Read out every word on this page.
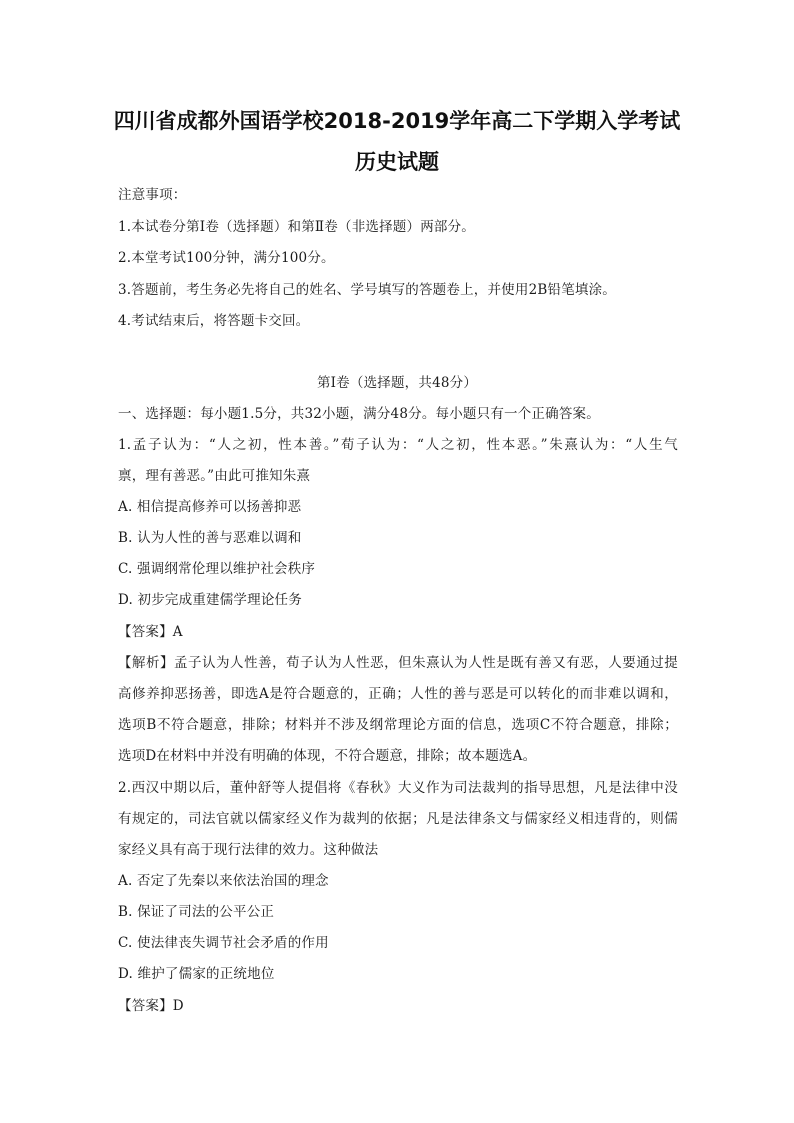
四川省成都外国语学校2018-2019学年高二下学期入学考试
历史试题
注意事项：
1.本试卷分第Ⅰ卷（选择题）和第Ⅱ卷（非选择题）两部分。
2.本堂考试100分钟，满分100分。
3.答题前，考生务必先将自己的姓名、学号填写的答题卷上，并使用2B铅笔填涂。
4.考试结束后，将答题卡交回。
第Ⅰ卷（选择题，共48分）
一、选择题：每小题1.5分，共32小题，满分48分。每小题只有一个正确答案。
1.孟子认为：“人之初，性本善。”荀子认为：“人之初，性本恶。”朱熹认为：“人生气
禀，理有善恶。”由此可推知朱熹
A. 相信提高修养可以扬善抑恶
B. 认为人性的善与恶难以调和
C. 强调纲常伦理以维护社会秩序
D. 初步完成重建儒学理论任务
【答案】A
【解析】孟子认为人性善，荀子认为人性恶，但朱熹认为人性是既有善又有恶，人要通过提
高修养抑恶扬善，即选A是符合题意的，正确；人性的善与恶是可以转化的而非难以调和，
选项B不符合题意，排除；材料并不涉及纲常理论方面的信息，选项C不符合题意，排除；
选项D在材料中并没有明确的体现，不符合题意，排除；故本题选A。
2.西汉中期以后，董仲舒等人提倡将《春秋》大义作为司法裁判的指导思想，凡是法律中没
有规定的，司法官就以儒家经义作为裁判的依据；凡是法律条文与儒家经义相违背的，则儒
家经义具有高于现行法律的效力。这种做法
A. 否定了先秦以来依法治国的理念
B. 保证了司法的公平公正
C. 使法律丧失调节社会矛盾的作用
D. 维护了儒家的正统地位
【答案】D
